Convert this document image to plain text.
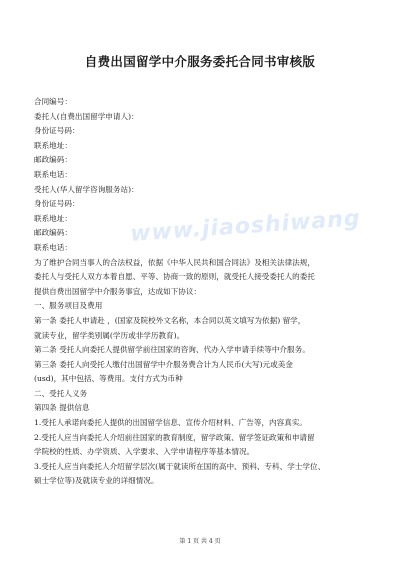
自费出国留学中介服务委托合同书审核版
合同编号：
委托人(自费出国留学申请人)：
身份证号码：
联系地址：
邮政编码：
联系电话：
受托人(华人留学咨询服务站)：
身份证号码：
联系地址：
邮政编码：
联系电话：
为了维护合同当事人的合法权益，依据《中华人民共和国合同法》及相关法律法规，
委托人与受托人双方本着自愿、平等、协商一致的原则，就受托人接受委托人的委托
提供自费出国留学中介服务事宜，达成如下协议：
一、服务项目及费用
第一条 委托人申请赴 ，(国家及院校外文名称，本合同以英文填写为依据) 留学，
就读专业，留学类别属(学历或非学历教育)。
第二条 受托人向委托人提供留学前往国家的咨询、代办入学申请手续等中介服务。
第三条 委托人向受托人缴付出国留学中介服务费合计为人民币(大写)元或美金
(usd)，其中包括、等费用。支付方式为币种
二、受托人义务
第四条 提供信息
1.受托人承诺向委托人提供的出国留学信息、宣传介绍材料、广告等，内容真实。
2.受托人应当向委托人介绍前往国家的教育制度，留学政策、留学签证政策和申请留
学院校的性质、办学资质、入学要求、入学申请程序等基本情况。
3.受托人应当向委托人介绍留学层次(属于就读所在国的高中、预科、专科、学士学位、
硕士学位等)及就读专业的详细情况。
www.jiaoshiwang
第 1 页 共 4 页
